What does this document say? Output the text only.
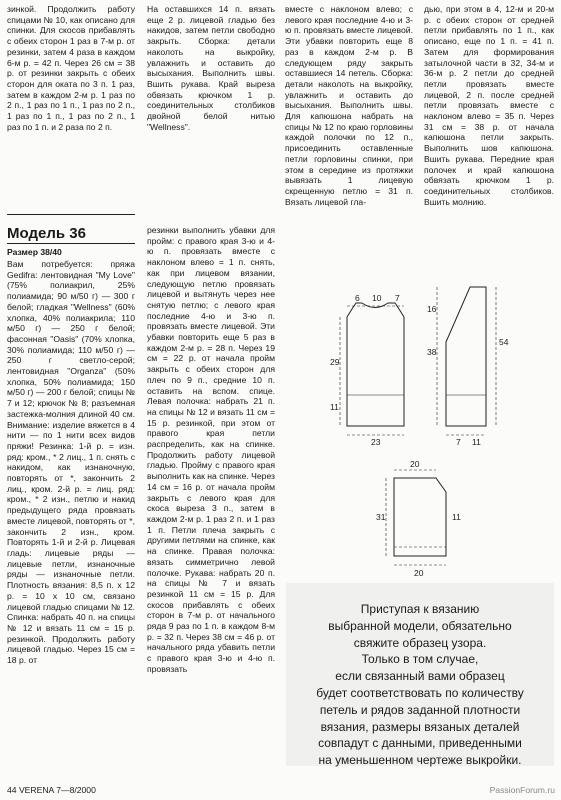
зинкой. Продолжить работу спицами № 10, как описано для спинки. Для скосов прибавлять с обеих сторон 1 раз в 7-м р. от резинки, затем 4 раза в каждом 6-м р. = 42 п. Через 26 см = 38 р. от резинки закрыть с обеих сторон для оката по 3 п. 1 раз, затем в каждом 2-м р. 1 раз по 2 п., 1 раз по 1 п., 1 раз по 2 п., 1 раз по 1 п., 1 раз по 2 п., 1 раз по 1 п. и 2 раза по 2 п.

На оставшихся 14 п. вязать еще 2 р. лицевой гладью без накидов, затем петли свободно закрыть. Сборка: детали наколоть на выкройку, увлажнить и оставить до высыхания. Выполнить швы. Вшить рукава. Край вырезa обвязать крючком 1 р. соединительных столбиков двойной белой нитью "Wellness".

вместе с наклоном влево; с левого края последние 4-ю и 3-ю п. провязать вместе лицевой. Эти убавки повторить еще 8 раз в каждом 2-м р. В следующем ряду закрыть оставшиеся 14 петель. Сборка: детали наколоть на выкройку, увлажнить и оставить до высыхания. Выполнить швы. Для капюшона набрать на спицы № 12 по краю горловины каждой полочки по 12 п., присоединить оставленные петли горловины спинки, при этом в середине из протяжки вывязать 1 лицевую скрещенную петлю = 31 п. Вязать лицевой гла-

дью, при этом в 4, 12-м и 20-м р. с обеих сторон от средней петли прибавлять по 1 п., как описано, еще по 1 п. = 41 п. Затем для формирования затылочной части в 32, 34-м и 36-м р. 2 петли до средней петли провязать вместе лицевой, 2 п. после средней петли провязать вместе с наклоном влево = 35 п. Через 31 см = 38 р. от начала капюшона петли закрыть. Выполнить шов капюшона. Вшить рукава. Передние края полочек и край капюшона обвязать крючком 1 р. соединительных столбиков. Вшить молнию.

Модель 36
Размер 38/40

Вам потребуется: пряжа Gedifra: лентовидная "My Love" (75% полиакрил, 25% полиамида; 90 м/50 г) — 300 г белой; гладкая "Wellness" (60% хлопка, 40% полиакрила; 110 м/50 г) — 250 г белой; фасонная "Oasis" (70% хлопка, 30% полиамида; 110 м/50 г) — 250 г светло-серой; лентовидная "Organza" (50% хлопка, 50% полиамида; 150 м/50 г) — 200 г белой; спицы № 7 и 12; крючок № 8; разъемная застежка-молния длиной 40 см. Внимание: изделие вяжется в 4 нити — по 1 нити всех видов пряжи! Резинка: 1-й р. = изн. ряд: кром., * 2 лиц., 1 п. снять с накидом, как изнаночную, повторять от *, закончить 2 лиц., кром. 2-й р. = лиц. ряд: кром., * 2 изн., петлю и накид предыдущего ряда провязать вместе лицевой, повторять от *, закончить 2 изн., кром. Повторять 1-й и 2-й р. Лицевая гладь: лицевые ряды — лицевые петли, изнаночные ряды — изнаночные петли. Плотность вязания: 8,5 п. х 12 р. = 10 х 10 см, связано лицевой гладью спицами № 12. Спинка: набрать 40 п. на спицы № 12 и вязать 11 см = 15 р. резинкой. Продолжить работу лицевой гладью. Через 15 см = 18 р. от

резинки выполнить убавки для пройм: с правого края 3-ю и 4-ю п. провязать вместе с наклоном влево = 1 п. снять, как при лицевом вязании, следующую петлю провязать лицевой и вытянуть через нее снятую петлю; с левого края последние 4-ю и 3-ю п. провязать вместе лицевой. Эти убавки повторить еще 5 раз в каждом 2-м р. = 28 п. Через 19 см = 22 р. от начала пройм закрыть с обеих сторон для плеч по 9 п., средние 10 п. оставить на вспом. спице. Левая полочка: набрать 21 п. на спицы № 12 и вязать 11 см = 15 р. резинкой, при этом от правого края петли распределить, как на спинке. Продолжить работу лицевой гладью. Пройму с правого края выполнить как на спинке. Через 14 см = 16 р. от начала пройм закрыть с левого края для скоса выреза 3 п., затем в каждом 2-м р. 1 раз 2 п. и 1 раз 1 п. Петли плеча закрыть с другими петлями на спинке, как на спинке. Правая полочка: вязать симметрично левой полочке. Рукава: набрать 20 п. на спицы № 7 и вязать резинкой 11 см = 15 р. Для скосов прибавлять с обеих сторон в 7-м р. от начального ряда 9 раз по 1 п. в каждом 8-м р. = 32 п. Через 38 см = 46 р. от начального ряда убавить петли с правого края 3-ю и 4-ю п. провязать

6 10 7
29
11
23
54
38
16
7 11
20
31	11
20
Приступая к вязанию
выбранной модели, обязательно
свяжите образец узора.
Только в том случае,
если связанный вами образец
будет соответствовать по количеству
петель и рядов заданной плотности
вязания, размеры вязаных деталей
совпадут с данными, приведенными
на уменьшенном чертеже выкройки.
44 VERENA 7—8/2000	PassionForum.ru
